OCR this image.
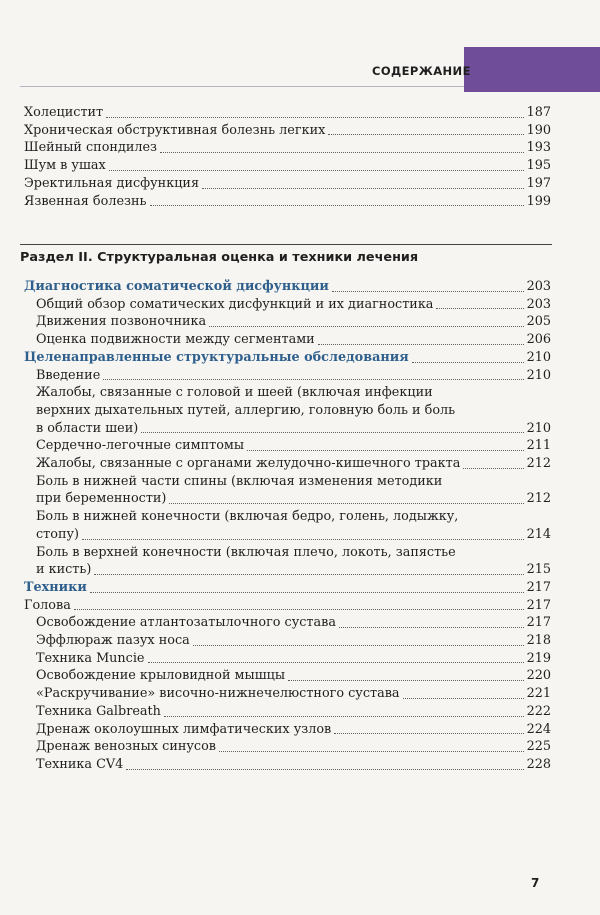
СОДЕРЖАНИЕ
Холецистит	187
Хроническая обструктивная болезнь легких	190
Шейный спондилез	193
Шум в ушах	195
Эректильная дисфункция	197
Язвенная болезнь	199
Раздел II. Структуральная оценка и техники лечения
Диагностика соматической дисфункции	203
Общий обзор соматических дисфункций и их диагностика	203
Движения позвоночника	205
Оценка подвижности между сегментами	206
Целенаправленные структуральные обследования	210
Введение	210
Жалобы, связанные с головой и шеей (включая инфекции
верхних дыхательных путей, аллергию, головную боль и боль
в области шеи)	210
Сердечно-легочные симптомы	211
Жалобы, связанные с органами желудочно-кишечного тракта	212
Боль в нижней части спины (включая изменения методики
при беременности)	212
Боль в нижней конечности (включая бедро, голень, лодыжку,
стопу)	214
Боль в верхней конечности (включая плечо, локоть, запястье
и кисть)	215
Техники	217
Голова	217
Освобождение атлантозатылочного сустава	217
Эффлюраж пазух носа	218
Техника Muncie	219
Освобождение крыловидной мышцы	220
«Раскручивание» височно-нижнечелюстного сустава	221
Техника Galbreath	222
Дренаж околоушных лимфатических узлов	224
Дренаж венозных синусов	225
Техника CV4	228
7
